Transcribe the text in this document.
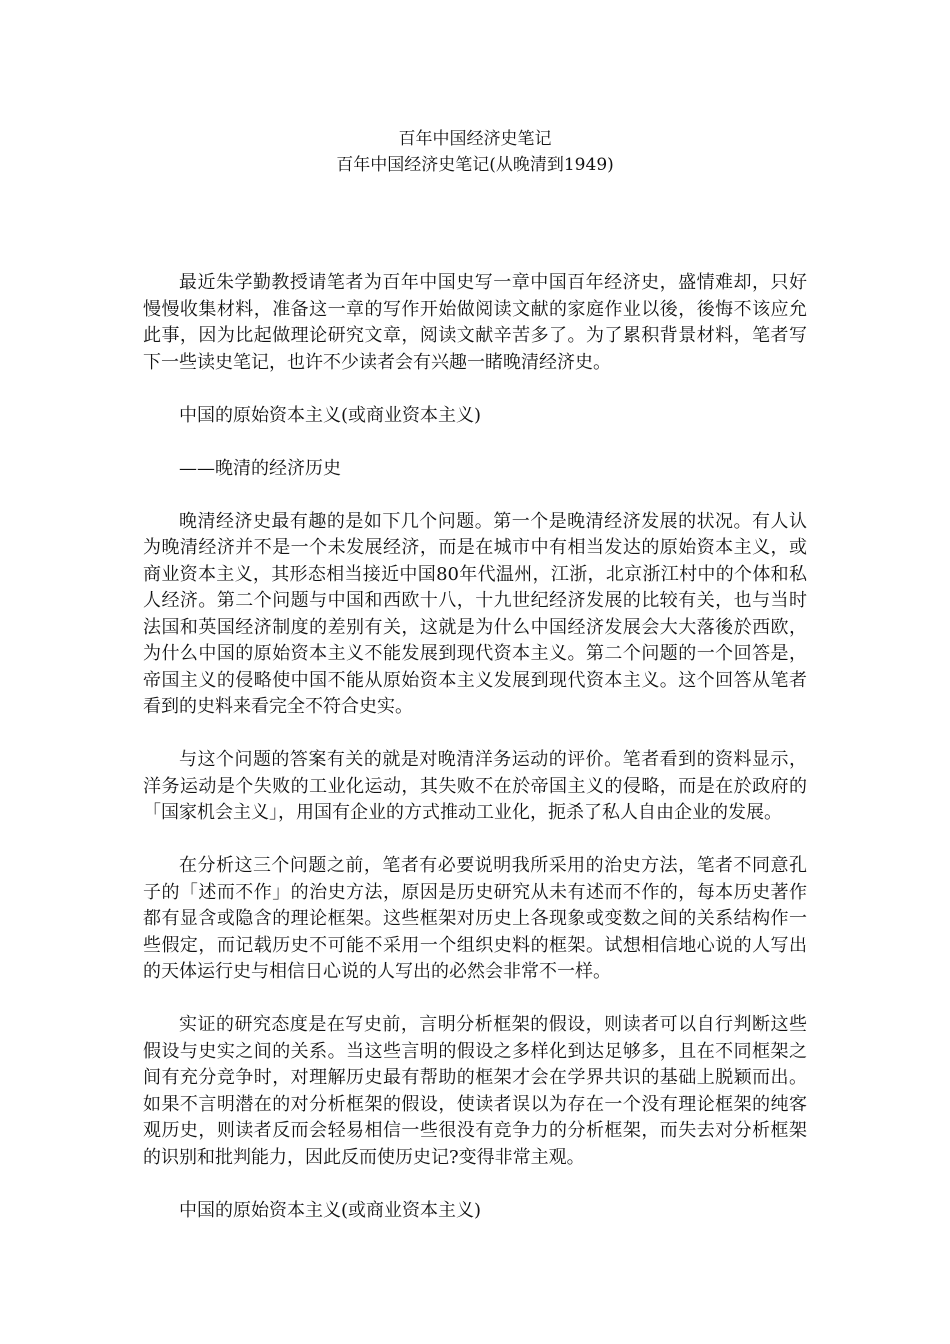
百年中国经济史笔记
百年中国经济史笔记(从晚清到1949)

最近朱学勤教授请笔者为百年中国史写一章中国百年经济史，盛情难却，只好慢慢收集材料，准备这一章的写作开始做阅读文献的家庭作业以後，後悔不该应允此事，因为比起做理论研究文章，阅读文献辛苦多了。为了累积背景材料，笔者写下一些读史笔记，也许不少读者会有兴趣一睹晚清经济史。

中国的原始资本主义(或商业资本主义)

——晚清的经济历史

晚清经济史最有趣的是如下几个问题。第一个是晚清经济发展的状况。有人认为晚清经济并不是一个未发展经济，而是在城市中有相当发达的原始资本主义，或商业资本主义，其形态相当接近中国80年代温州，江浙，北京浙江村中的个体和私人经济。第二个问题与中国和西欧十八，十九世纪经济发展的比较有关，也与当时法国和英国经济制度的差别有关，这就是为什么中国经济发展会大大落後於西欧，为什么中国的原始资本主义不能发展到现代资本主义。第二个问题的一个回答是，帝国主义的侵略使中国不能从原始资本主义发展到现代资本主义。这个回答从笔者看到的史料来看完全不符合史实。

与这个问题的答案有关的就是对晚清洋务运动的评价。笔者看到的资料显示，洋务运动是个失败的工业化运动，其失败不在於帝国主义的侵略，而是在於政府的「国家机会主义」，用国有企业的方式推动工业化，扼杀了私人自由企业的发展。

在分析这三个问题之前，笔者有必要说明我所采用的治史方法，笔者不同意孔子的「述而不作」的治史方法，原因是历史研究从未有述而不作的，每本历史著作都有显含或隐含的理论框架。这些框架对历史上各现象或变数之间的关系结构作一些假定，而记载历史不可能不采用一个组织史料的框架。试想相信地心说的人写出的天体运行史与相信日心说的人写出的必然会非常不一样。

实证的研究态度是在写史前，言明分析框架的假设，则读者可以自行判断这些假设与史实之间的关系。当这些言明的假设之多样化到达足够多，且在不同框架之间有充分竞争时，对理解历史最有帮助的框架才会在学界共识的基础上脱颖而出。如果不言明潜在的对分析框架的假设，使读者误以为存在一个没有理论框架的纯客观历史，则读者反而会轻易相信一些很没有竞争力的分析框架，而失去对分析框架的识别和批判能力，因此反而使历史记?变得非常主观。

中国的原始资本主义(或商业资本主义)
